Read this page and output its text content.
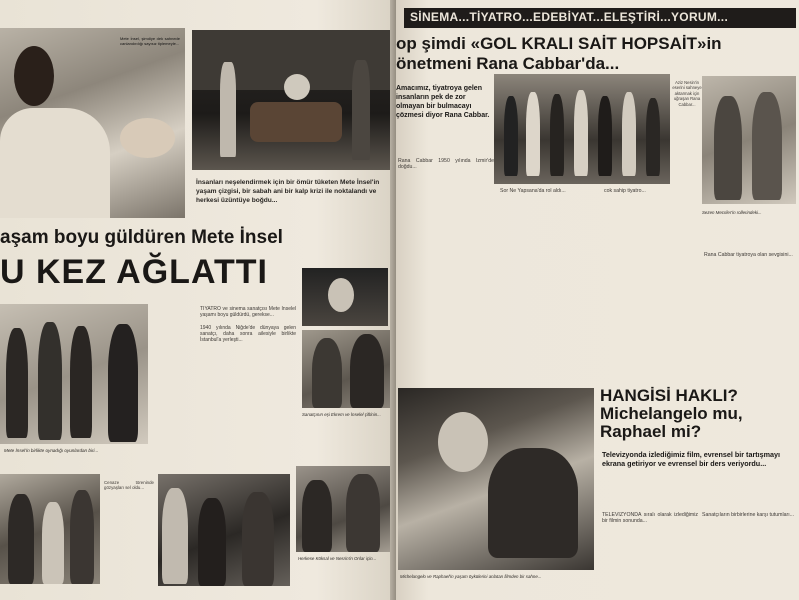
Mete İnsel, şimdiye dek sahnede canlandırdığı sayısız tiplemeyle...
İnsanları neşelendirmek için bir ömür tüketen Mete İnsel'in yaşam çizgisi, bir sabah ani bir kalp krizi ile noktalandı ve herkesi üzüntüye boğdu...
aşam boyu güldüren Mete İnsel
U KEZ AĞLATTI
Mete İnsel'in birlikte oynadığı oyunlardan biri...
TİYATRO ve sinema sanatçısı Mete İnselel yaşamı boyu güldürdü, gerekse...

1940 yılında Niğde'de dünyaya gelen sanatçı, daha sonra ailesiyle birlikte İstanbul'a yerleşti...
Sanatçının eşi Ekrem ve İnselel çiftinin...
Cenaze töreninde gözyaşları sel oldu...
Herkese Köksal ve Nesrin'in Onlar için...
SİNEMA...TİYATRO...EDEBİYAT...ELEŞTİRİ...YORUM...
op şimdi «GOL KRALI SAİT HOPSAİT»in
önetmeni Rana Cabbar'da...
Amacımız, tiyatroya gelen insanların pek de zor olmayan bir bulmacayı çözmesi diyor Rana Cabbar.
Aziz Nesin'in eserini sahneye aktarmak için uğraşan Rana Cabbar...
Sezen Mecriler'in rollerindeki...
Rana Cabbar 1950 yılında İzmir'de doğdu...
Sor Ne Yapsana'da rol aldı...	cok sahip tiyatro...
Rana Cabbar tiyatroya olan sevgisini...
HANGİSİ HAKLI?
Michelangelo mu,
Raphael mi?
Michelangelo ve Raphael'in yaşam öykülerini anlatan filmden bir sahne...
Televizyonda izlediğimiz film, evrensel bir tartışmayı ekrana getiriyor ve evrensel bir ders veriyordu...
TELEVİZYONDA sıralı olarak izlediğimiz bir filmin sonunda...
Sanatçıların birbirlerine karşı tutumları...
